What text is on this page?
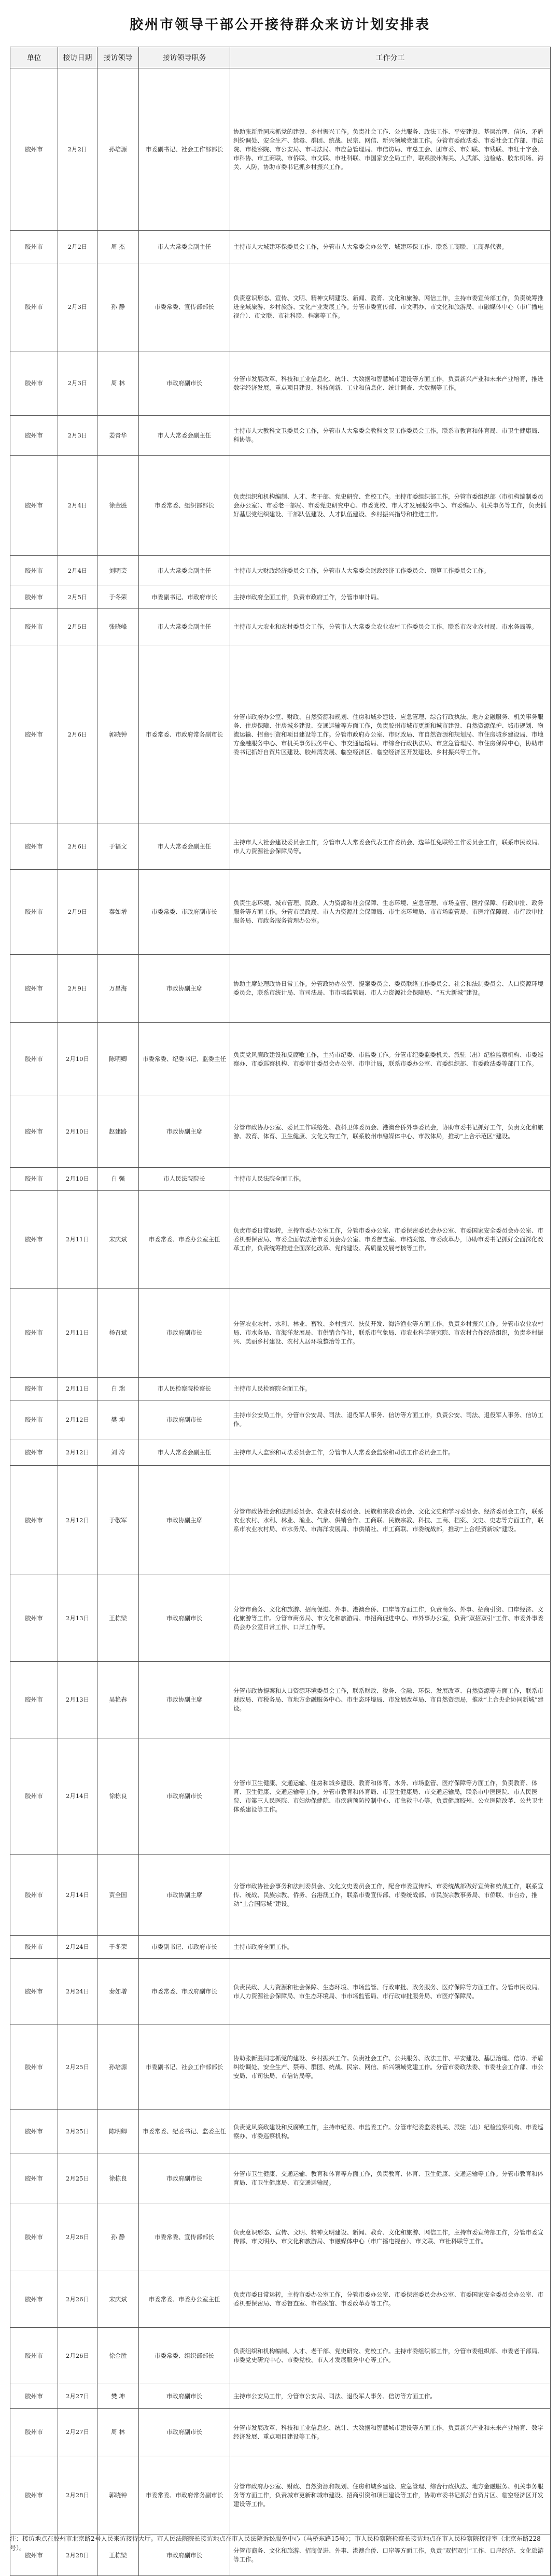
胶州市领导干部公开接待群众来访计划安排表
单位	接访日期	接访领导	接访领导职务	工作分工
胶州市	2月2日	孙培源	市委副书记、社会工作部部长	协助张新胜同志抓党的建设、乡村振兴工作。负责社会工作、公共服务、政法工作、平安建设、基层治理、信访、矛盾纠纷调处、安全生产、禁毒、群团、统战、民宗、网信、新兴领域党建工作。分管市委政法委、市委社会工作部、市法院、市检察院、市公安局、市司法局、市应急管理局、市信访局、市总工会、团市委、市妇联、市残联、市红十字会、市科协、市工商联、市侨联、市文联、市社科联、市国家安全局工作，联系胶州海关、人武部、边检站、胶东机场、海关、人防，协助市委书记抓乡村振兴工作。
胶州市	2月2日	周 杰	市人大常委会副主任	主持市人大城建环保委员会工作，分管市人大常委会办公室、城建环保工作、联系工商联、工商界代表。
胶州市	2月3日	孙 静	市委常委、宣传部部长	负责意识形态、宣传、文明、精神文明建设、新闻、教育、文化和旅游、网信工作，主持市委宣传部工作，负责统筹推进全域旅游、乡村旅游、文化产业发展工作。分管市委宣传部、市文明办、市文化和旅游局、市融媒体中心（市广播电视台）、市文联、市社科联、档案等工作。
胶州市	2月3日	周 林	市政府副市长	分管市发展改革、科技和工业信息化、统计、大数据和智慧城市建设等方面工作，负责新兴产业和未来产业培育，推进数字经济发展，重点项目建设、科技创新、工业和信息化、统计调查、大数据等工作。
胶州市	2月3日	姜青华	市人大常委会副主任	主持市人大教科文卫委员会工作，分管市人大常委会教科文卫工作委员会工作，联系市教育和体育局、市卫生健康局、科协等。
胶州市	2月4日	徐金胜	市委常委、组织部部长	负责组织和机构编制、人才、老干部、党史研究、党校工作。主持市委组织部工作，分管市委组织部（市机构编制委员会办公室）、市委老干部局、市委党史研究中心、市委党校、市人才发展服务中心、市委编办、机关事务等工作，负责抓好基层党组织建设、干部队伍建设、人才队伍建设、乡村振兴指导和推进工作。
胶州市	2月4日	刘明芸	市人大常委会副主任	主持市人大财政经济委员会工作，分管市人大常委会财政经济工作委员会、预算工作委员会工作。
胶州市	2月5日	于冬荣	市委副书记、市政府市长	主持市政府全面工作，负责市政府工作，分管市审计局。
胶州市	2月5日	张晓峰	市人大常委会副主任	主持市人大农业和农村委员会工作，分管市人大常委会农业农村工作委员会工作，联系市农业农村局、市水务局等。
胶州市	2月6日	郭晓钟	市委常委、市政府常务副市长	分管市政府办公室、财政、自然资源和规划、住房和城乡建设、应急管理、综合行政执法、地方金融服务、机关事务服务、住房保障、住房城乡建设、交通运输等方面工作，负责胶州市城市更新和城市建设、自然资源保护、城市规划、物流运输、招商引资和项目建设等工作。分管市政府办公室、市财政局、市自然资源和规划局、市住房城乡建设局、市地方金融服务中心、市机关事务服务中心、市交通运输局、市综合行政执法局、市应急管理局、市住房保障中心，协助市委书记抓好自贸片区建设、胶州湾发展、临空经济区、临空经济区开发建设、乡村振兴等工作。
胶州市	2月6日	于福文	市人大常委会副主任	主持市人大社会建设委员会工作，分管市人大常委会代表工作委员会、选举任免联络工作委员会工作，联系市民政局、市人力资源社会保障局等。
胶州市	2月9日	秦如增	市委常委、市政府副市长	负责生态环境、城市管理、民政、人力资源和社会保障、生态环境、应急管理、市场监管、医疗保障、行政审批、政务服务等方面工作。分管市民政局、市人力资源社会保障局、市生态环境局、市市场监管局、市医疗保障局、市行政审批服务局、市政务服务管理办公室。
胶州市	2月9日	万昌海	市政协副主席	协助主席处理政协日常工作。分管政协办公室、提案委员会、委员联络工作委员会、社会和法制委员会、人口资源环境委员会，联系市统计局、市司法局、市市场监管局、市人力资源社会保障局、“五大新城”建设。
胶州市	2月10日	陈明卿	市委常委、纪委书记、监委主任	负责党风廉政建设和反腐败工作，主持市纪委、市监委工作。分管市纪委监委机关、派驻（出）纪检监察机构、市委巡察办、市委巡察机构、市委审计委员会办公室、市审计局，联系市委办公室、市委组织部、市委政法委等部门工作。
胶州市	2月10日	赵建路	市政协副主席	分管市政协办公室、委员工作联络处、教科卫体委员会、港澳台侨外事委员会，协助市委书记抓好工作，负责文化和旅游、教育、体育、卫生健康、文化文物工作，联系胶州市融媒体中心、市教体局，推动“上合示范区”建设。
胶州市	2月10日	白 强	市人民法院院长	主持市人民法院全面工作。
胶州市	2月11日	宋庆斌	市委常委、市委办公室主任	负责市委日常运转，主持市委办公室工作，分管市委办公室、市委保密委员会办公室、市委国家安全委员会办公室、市委机要保密局、市委全面依法治市委员会办公室、市委督查室、市档案馆、市委改革办，协助市委书记抓好全面深化改革工作，负责统筹推进全面深化改革、党的建设、高质量发展考核等工作。
胶州市	2月11日	杨召斌	市政府副市长	分管农业农村、水利、林业、畜牧、乡村振兴、扶贫开发、海洋渔业等方面工作，负责乡村振兴工作。分管市农业农村局、市水务局、市海洋发展局、市供销合作社，联系市气象局、市农业科学研究院、市农村合作经济组织，负责乡村振兴、美丽乡村建设、农村人居环境整治等工作。
胶州市	2月11日	白 瑞	市人民检察院检察长	主持市人民检察院全面工作。
胶州市	2月12日	樊 坤	市政府副市长	主持市公安局工作，分管市公安局、司法、退役军人事务、信访等方面工作，负责公安、司法、退役军人事务、信访工作。
胶州市	2月12日	刘 涛	市人大常委会副主任	主持市人大监察和司法委员会工作，分管市人大常委会监察和司法工作委员会工作。
胶州市	2月12日	于敬军	市政协副主席	分管市政协社会和法制委员会、农业农村委员会、民族和宗教委员会、文化文史和学习委员会、经济委员会工作，联系农业农村、水利、林业、渔业、气象、供销合作、工商联、民族宗教、科技、工商、档案、文史、史志等方面工作，联系市农业农村局、市水务局、市海洋发展局、市供销社、市工商联、市委统战部，推动“上合经贸新城”建设。
胶州市	2月13日	王栋梁	市政府副市长	分管市商务、文化和旅游、招商促进、外事、港澳台侨、口岸等方面工作，负责商务、外事、招商引资、口岸经济、文化旅游等工作。分管市商务局、市文化和旅游局、市招商促进中心、市外事办公室，负责“双招双引”工作、市委外事委员会办公室日常工作、口岸工作等。
胶州市	2月13日	吴艳春	市政协副主席	分管市政协提案和人口资源环境委员会工作，联系财政、税务、金融、环保、发展改革、自然资源等方面工作，联系市财政局、市税务局、市地方金融服务中心、市生态环境局、市发展改革局、市自然资源局，推动“上合央企协同新城”建设。
胶州市	2月14日	徐栋良	市政府副市长	分管市卫生健康、交通运输、住房和城乡建设、教育和体育、水务、市场监管、医疗保障等方面工作，负责教育、体育、卫生健康、交通运输等工作。分管市教育和体育局、市卫生健康局、市交通运输局，联系市中医医院、市人民医院、市第三人民医院、市妇幼保健院、市疾病预防控制中心、市急救中心等，负责健康胶州、公立医院改革、公共卫生体系建设等工作。
胶州市	2月14日	贾全国	市政协副主席	分管市政协社会事务和法制委员会、文化文史委员会工作，配合市委宣传部、市委统战部做好宣传和统战工作，联系宣传、统战、民族宗教、侨务、台港澳工作，联系市委宣传部、市委统战部、市民族宗教事务局、市侨联、市台办，推动“上合国际城”建设。
胶州市	2月24日	于冬荣	市委副书记、市政府市长	主持市政府全面工作。
胶州市	2月24日	秦如增	市委常委、市政府副市长	负责民政、人力资源和社会保障、生态环境、市场监管、行政审批、政务服务、医疗保障等方面工作。分管市民政局、市人力资源社会保障局、市生态环境局、市市场监管局、市行政审批服务局、市医疗保障局。
胶州市	2月25日	孙培源	市委副书记、社会工作部部长	协助张新胜同志抓党的建设、乡村振兴工作。负责社会工作、公共服务、政法工作、平安建设、基层治理、信访、矛盾纠纷调处、安全生产、禁毒、群团、统战、民宗、网信、新兴领域党建工作。分管市委政法委、市委社会工作部、市公安局、市司法局、市信访局等。
胶州市	2月25日	陈明卿	市委常委、纪委书记、监委主任	负责党风廉政建设和反腐败工作，主持市纪委、市监委工作。分管市纪委监委机关、派驻（出）纪检监察机构、市委巡察办、市委巡察机构。
胶州市	2月25日	徐栋良	市政府副市长	分管市卫生健康、交通运输、教育和体育等方面工作，负责教育、体育、卫生健康、交通运输等工作。分管市教育和体育局、市卫生健康局、市交通运输局。
胶州市	2月26日	孙 静	市委常委、宣传部部长	负责意识形态、宣传、文明、精神文明建设、新闻、教育、文化和旅游、网信工作，主持市委宣传部工作，分管市委宣传部、市文明办、市文化和旅游局、市融媒体中心（市广播电视台）、市文联、市社科联等工作。
胶州市	2月26日	宋庆斌	市委常委、市委办公室主任	负责市委日常运转，主持市委办公室工作，分管市委办公室、市委保密委员会办公室、市委国家安全委员会办公室、市委机要保密局、市委督查室、市档案馆、市委改革办等工作。
胶州市	2月26日	徐金胜	市委常委、组织部部长	负责组织和机构编制、人才、老干部、党史研究、党校工作。主持市委组织部工作，分管市委组织部、市委老干部局、市委党史研究中心、市委党校、市人才发展服务中心等工作。
胶州市	2月27日	樊 坤	市政府副市长	主持市公安局工作，分管市公安局、司法、退役军人事务、信访等方面工作。
胶州市	2月27日	周 林	市政府副市长	分管市发展改革、科技和工业信息化、统计、大数据和智慧城市建设等方面工作，负责新兴产业和未来产业培育、数字经济发展、重点项目建设等工作。
胶州市	2月28日	郭晓钟	市委常委、市政府常务副市长	分管市政府办公室、财政、自然资源和规划、住房和城乡建设、应急管理、综合行政执法、地方金融服务、机关事务服务等方面工作，负责城市更新和城市建设、招商引资和项目建设等工作，协助市委书记抓好自贸片区、临空经济区开发建设等工作。
胶州市	2月28日	王栋梁	市政府副市长	分管市商务、文化和旅游、招商促进、外事、港澳台侨、口岸等方面工作，负责“双招双引”工作、口岸经济、文化旅游等工作。
注：接访地点在胶州市北京路2号人民来访接待大厅。市人民法院院长接访地点在市人民法院诉讼服务中心（马桥东路15号）；市人民检察院检察长接访地点在市人民检察院接待室（北京东路228号）。
